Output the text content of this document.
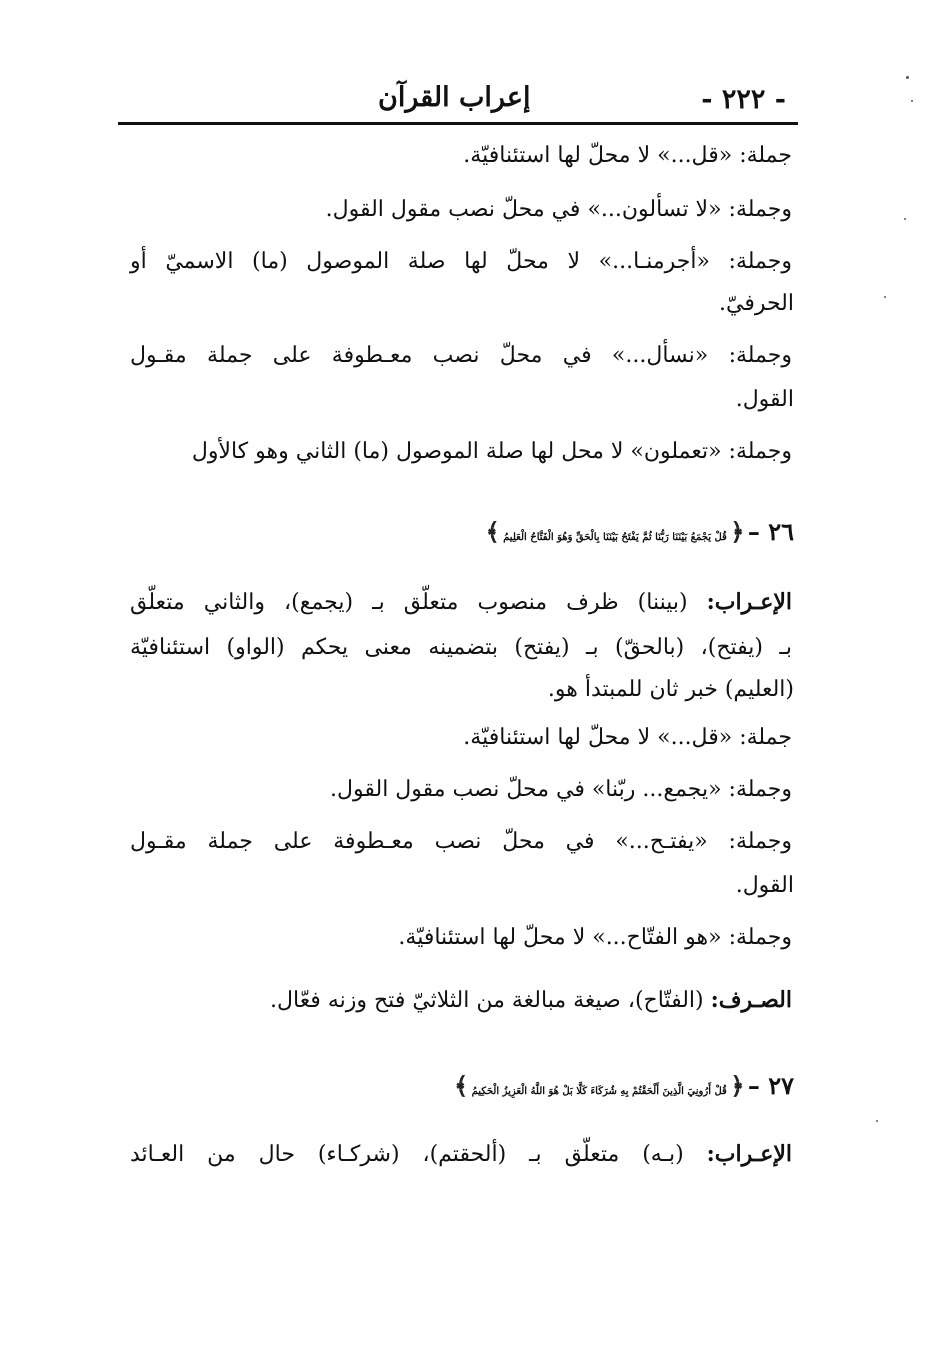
- ٢٢٢ -
إعراب القرآن
جملة: «قل...» لا محلّ لها استئنافيّة.
وجملة: «لا تسألون...» في محلّ نصب مقول القول.
وجملة: «أجرمنـا...» لا محلّ لها صلة الموصول (ما) الاسميّ أو
الحرفيّ.
وجملة: «نسأل...» في محلّ نصب معـطوفة على جملة مقـول
القول.
وجملة: «تعملون» لا محل لها صلة الموصول (ما) الثاني وهو كالأول
٢٦ – ﴿ قُلْ يَجْمَعُ بَيْنَنَا رَبُّنَا ثُمَّ يَفْتَحُ بَيْنَنَا بِالْحَقِّ وَهُوَ الْفَتَّاحُ الْعَلِيمُ ﴾
الإعـراب: (بيننا) ظرف منصوب متعلّق بـ (يجمع)، والثاني متعلّق
بـ (يفتح)، (بالحقّ) بـ (يفتح) بتضمينه معنى يحكم (الواو) استئنافيّة
(العليم) خبر ثان للمبتدأ هو.
جملة: «قل...» لا محلّ لها استئنافيّة.
وجملة: «يجمع... ربّنا» في محلّ نصب مقول القول.
وجملة: «يفتـح...» في محلّ نصب معـطوفة على جملة مقـول
القول.
وجملة: «هو الفتّاح...» لا محلّ لها استئنافيّة.
الصـرف: (الفتّاح)، صيغة مبالغة من الثلاثيّ فتح وزنه فعّال.
٢٧ – ﴿ قُلْ أَرُونِيَ الَّذِينَ أَلْحَقْتُمْ بِهِ شُرَكَاءَ كَلَّا بَلْ هُوَ اللَّهُ الْعَزِيزُ الْحَكِيمُ ﴾
الإعـراب: (بـه) متعلّق بـ (ألحقتم)، (شركـاء) حال من العـائد
